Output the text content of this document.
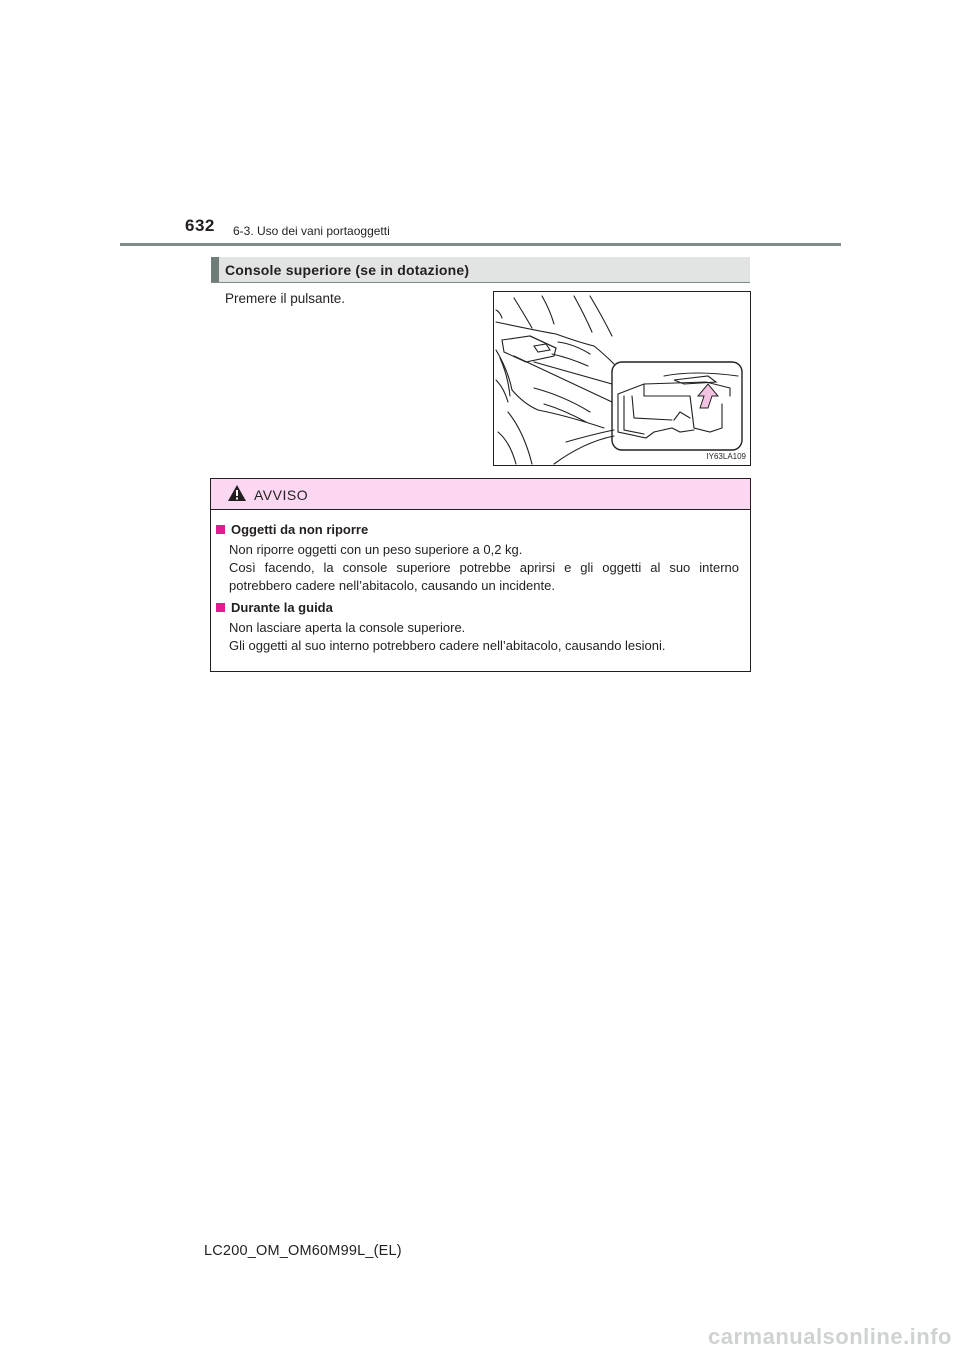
632 6-3. Uso dei vani portaoggetti
Console superiore (se in dotazione)
Premere il pulsante.
IY63LA109
AVVISO
Oggetti da non riporre

Non riporre oggetti con un peso superiore a 0,2 kg.

Così facendo, la console superiore potrebbe aprirsi e gli oggetti al suo interno

potrebbero cadere nell’abitacolo, causando un incidente.

Durante la guida

Non lasciare aperta la console superiore.

Gli oggetti al suo interno potrebbero cadere nell’abitacolo, causando lesioni.

LC200_OM_OM60M99L_(EL)
carmanualsonline.info
